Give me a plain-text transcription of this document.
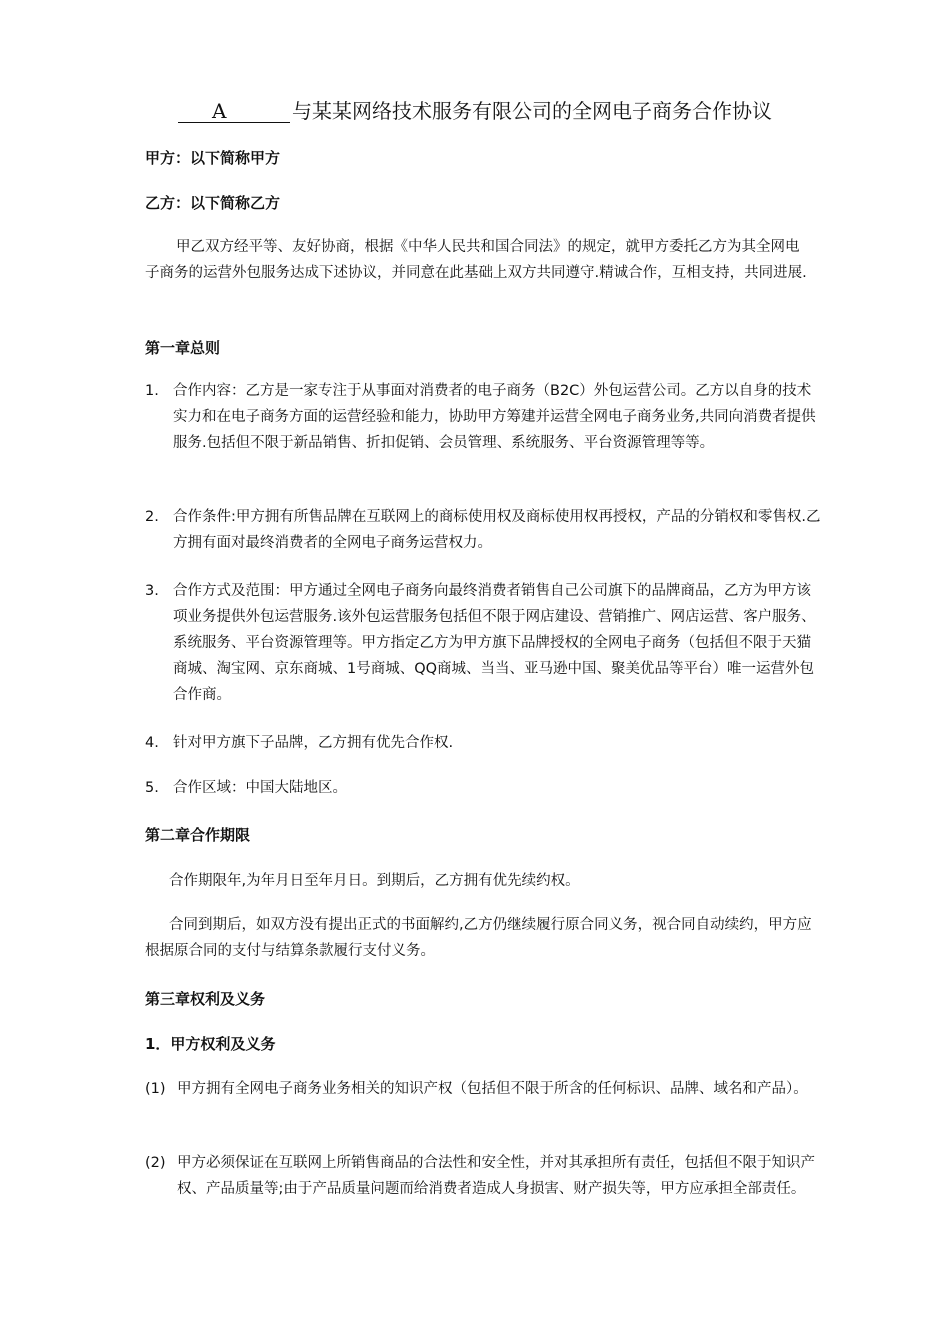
A	与某某网络技术服务有限公司的全网电子商务合作协议
甲方：以下简称甲方
乙方：以下简称乙方

甲乙双方经平等、友好协商，根据《中华人民共和国合同法》的规定，就甲方委托乙方为其全网电子商务的运营外包服务达成下述协议，并同意在此基础上双方共同遵守.精诚合作，互相支持，共同进展.

第一章总则
1. 合作内容：乙方是一家专注于从事面对消费者的电子商务（B2C）外包运营公司。乙方以自身的技术实力和在电子商务方面的运营经验和能力，协助甲方筹建并运营全网电子商务业务,共同向消费者提供服务.包括但不限于新品销售、折扣促销、会员管理、系统服务、平台资源管理等等。
2. 合作条件:甲方拥有所售品牌在互联网上的商标使用权及商标使用权再授权，产品的分销权和零售权.乙方拥有面对最终消费者的全网电子商务运营权力。
3. 合作方式及范围：甲方通过全网电子商务向最终消费者销售自己公司旗下的品牌商品，乙方为甲方该项业务提供外包运营服务.该外包运营服务包括但不限于网店建设、营销推广、网店运营、客户服务、系统服务、平台资源管理等。甲方指定乙方为甲方旗下品牌授权的全网电子商务（包括但不限于天猫商城、淘宝网、京东商城、1号商城、QQ商城、当当、亚马逊中国、聚美优品等平台）唯一运营外包合作商。
4. 针对甲方旗下子品牌，乙方拥有优先合作权.
5. 合作区域：中国大陆地区。
第二章合作期限

合作期限年,为年月日至年月日。到期后，乙方拥有优先续约权。

合同到期后，如双方没有提出正式的书面解约,乙方仍继续履行原合同义务，视合同自动续约，甲方应根据原合同的支付与结算条款履行支付义务。

第三章权利及义务
1．甲方权利及义务
(1) 甲方拥有全网电子商务业务相关的知识产权（包括但不限于所含的任何标识、品牌、域名和产品）。
(2) 甲方必须保证在互联网上所销售商品的合法性和安全性，并对其承担所有责任，包括但不限于知识产权、产品质量等;由于产品质量问题而给消费者造成人身损害、财产损失等，甲方应承担全部责任。
